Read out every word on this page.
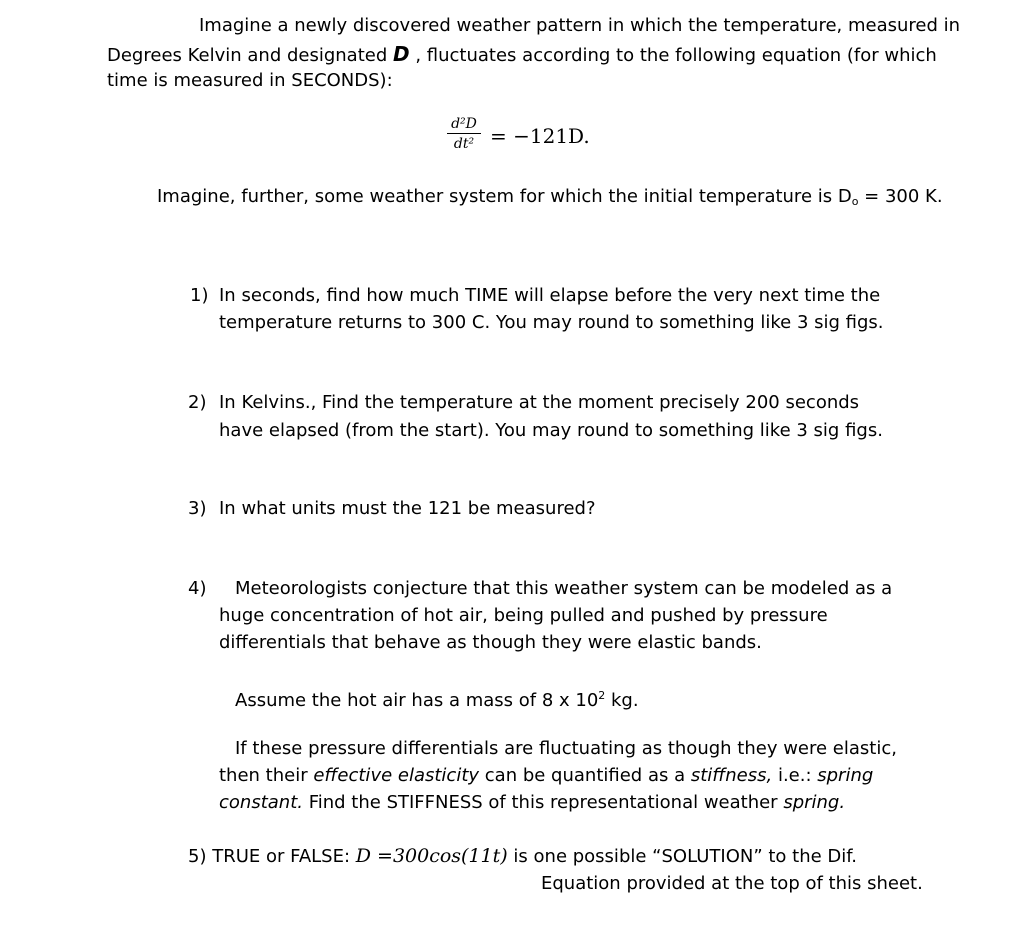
Imagine a newly discovered weather pattern in which the temperature, measured in
Degrees Kelvin and designated D , fluctuates according to the following equation (for which
time is measured in SECONDS):
$\frac{\text{d²D}}{\text{dt²}} = -121D$.
Imagine, further, some weather system for which the initial temperature is $D_o = 300$ K.
1) In seconds, find how much TIME will elapse before the very next time the
temperature returns to 300 C. You may round to something like 3 sig figs.
2) In Kelvins., Find the temperature at the moment precisely 200 seconds
have elapsed (from the start). You may round to something like 3 sig figs.
3) In what units must the 121 be measured?
4) Meteorologists conjecture that this weather system can be modeled as a
huge concentration of hot air, being pulled and pushed by pressure
differentials that behave as though they were elastic bands.
Assume the hot air has a mass of 8 x $10^2$ kg.
If these pressure differentials are fluctuating as though they were elastic,
then their effective elasticity can be quantified as a stiffness, i.e.: spring
constant. Find the STIFFNESS of this representational weather spring.
5) TRUE or FALSE: D =300cos(11t) is one possible “SOLUTION” to the Dif.
Equation provided at the top of this sheet.
